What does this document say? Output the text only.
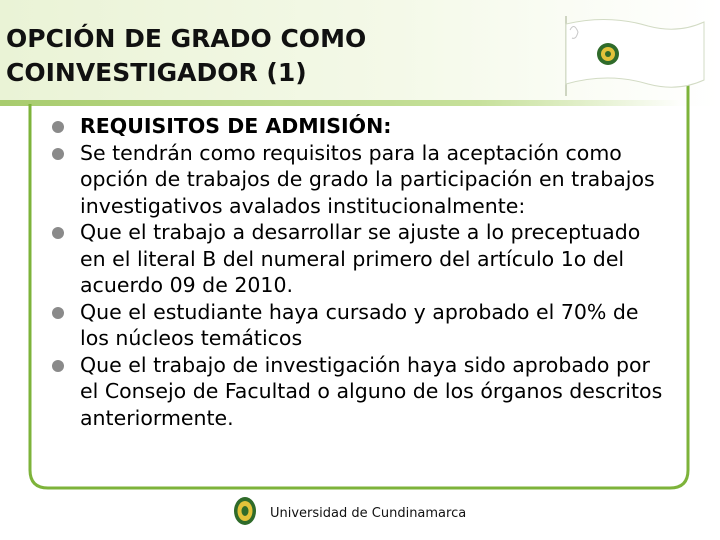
OPCIÓN DE GRADO COMO
COINVESTIGADOR (1)
REQUISITOS DE ADMISIÓN:
Se tendrán como requisitos para la aceptación como opción de trabajos de grado la participación en trabajos investigativos avalados institucionalmente:
Que el trabajo a desarrollar se ajuste a lo preceptuado en el literal B del numeral primero del artículo 1o del acuerdo 09 de 2010.
Que el estudiante haya cursado y aprobado el 70% de los núcleos temáticos
Que el trabajo de investigación haya sido aprobado por el Consejo de Facultad o alguno de los órganos descritos anteriormente.
Universidad de Cundinamarca
